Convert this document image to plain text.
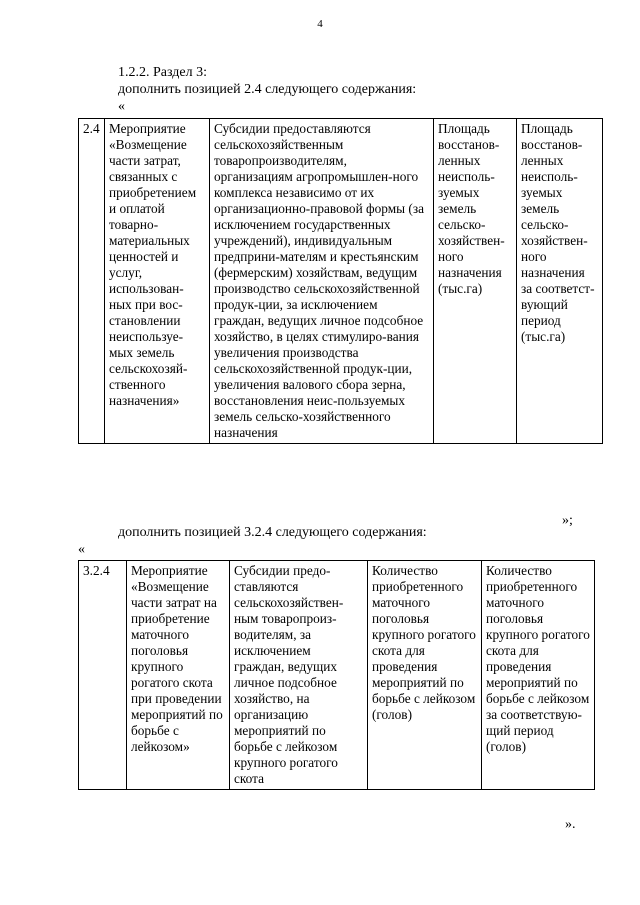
4
1.2.2. Раздел 3:
дополнить позицией 2.4 следующего содержания:
«
2.4	Мероприятие «Возмещение части затрат, связанных с приобретением и оплатой товарно-материальных ценностей и услуг, использован-ных при вос-становлении неиспользуе-мых земель сельскохозяй-ственного назначения»	Субсидии предоставляются сельскохозяйственным товаропроизводителям, организациям агропромышлен-ного комплекса независимо от их организационно-правовой формы (за исключением государственных учреждений), индивидуальным предприни-мателям и крестьянским (фермерским) хозяйствам, ведущим производство сельскохозяйственной продук-ции, за исключением граждан, ведущих личное подсобное хозяйство, в целях стимулиро-вания увеличения производства сельскохозяйственной продук-ции, увеличения валового сбора зерна, восстановления неис-пользуемых земель сельско-хозяйственного назначения	Площадь восстанов-ленных неисполь-зуемых земель сельско-хозяйствен-ного назначения (тыс.га)	Площадь восстанов-ленных неисполь-зуемых земель сельско-хозяйствен-ного назначения за соответст-вующий период (тыс.га)
»;
дополнить позицией 3.2.4 следующего содержания:
«
3.2.4	Мероприятие «Возмещение части затрат на приобретение маточного поголовья крупного рогатого скота при проведении мероприятий по борьбе с лейкозом»	Субсидии предо-ставляются сельскохозяйствен-ным товаропроиз-водителям, за исключением граждан, ведущих личное подсобное хозяйство, на организацию мероприятий по борьбе с лейкозом крупного рогатого скота	Количество приобретенного маточного поголовья крупного рогатого скота для проведения мероприятий по борьбе с лейкозом (голов)	Количество приобретенного маточного поголовья крупного рогатого скота для проведения мероприятий по борьбе с лейкозом за соответствую-щий период (голов)
».
